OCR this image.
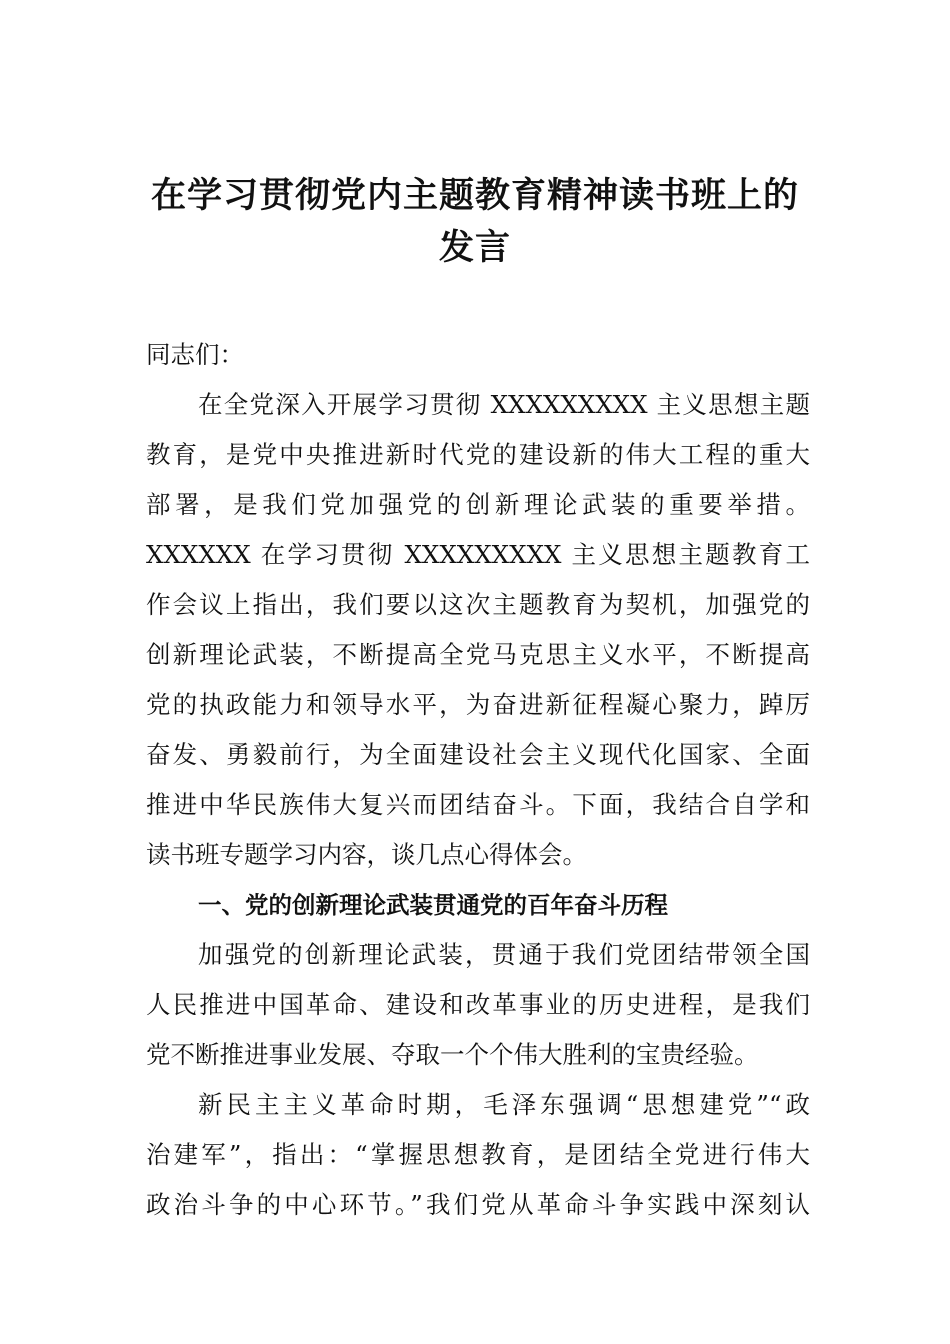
在学习贯彻党内主题教育精神读书班上的
发言
同志们：
在全党深入开展学习贯彻 XXXXXXXXX 主义思想主题
教育，是党中央推进新时代党的建设新的伟大工程的重大
部署，是我们党加强党的创新理论武装的重要举措。
XXXXXX 在学习贯彻 XXXXXXXXX 主义思想主题教育工
作会议上指出，我们要以这次主题教育为契机，加强党的
创新理论武装，不断提高全党马克思主义水平，不断提高
党的执政能力和领导水平，为奋进新征程凝心聚力，踔厉
奋发、勇毅前行，为全面建设社会主义现代化国家、全面
推进中华民族伟大复兴而团结奋斗。下面，我结合自学和
读书班专题学习内容，谈几点心得体会。
一、党的创新理论武装贯通党的百年奋斗历程
加强党的创新理论武装，贯通于我们党团结带领全国
人民推进中国革命、建设和改革事业的历史进程，是我们
党不断推进事业发展、夺取一个个伟大胜利的宝贵经验。
新民主主义革命时期，毛泽东强调“思想建党”“政
治建军”，指出：“掌握思想教育，是团结全党进行伟大
政治斗争的中心环节。”我们党从革命斗争实践中深刻认
